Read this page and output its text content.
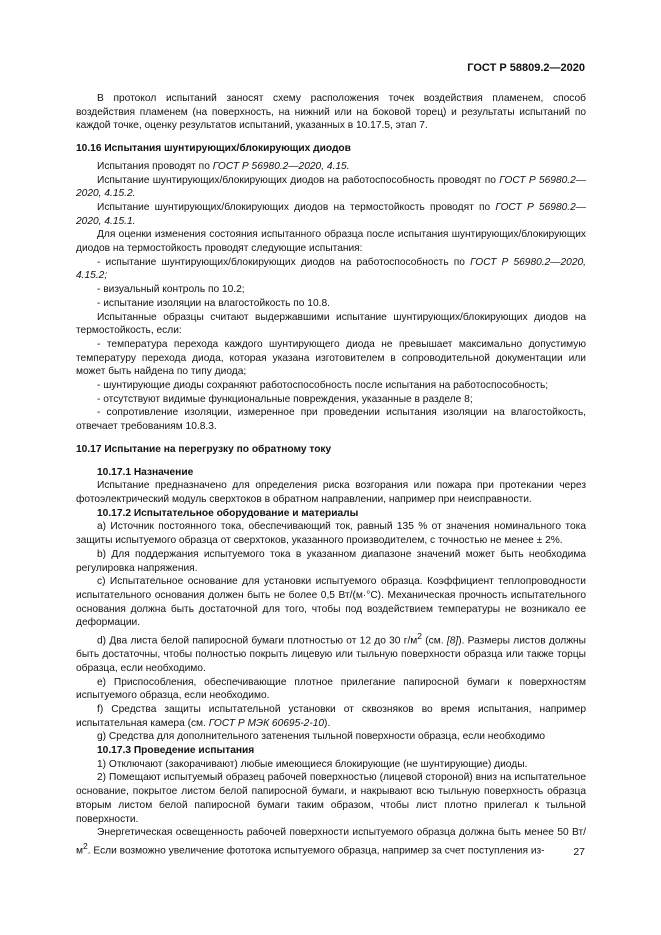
ГОСТ Р 58809.2—2020

В протокол испытаний заносят схему расположения точек воздействия пламенем, способ воздействия пламенем (на поверхность, на нижний или на боковой торец) и результаты испытаний по каждой точке, оценку результатов испытаний, указанных в 10.17.5, этап 7.

10.16 Испытания шунтирующих/блокирующих диодов

Испытания проводят по ГОСТ Р 56980.2—2020, 4.15.

Испытание шунтирующих/блокирующих диодов на работоспособность проводят по ГОСТ Р 56980.2—2020, 4.15.2.

Испытание шунтирующих/блокирующих диодов на термостойкость проводят по ГОСТ Р 56980.2—2020, 4.15.1.

Для оценки изменения состояния испытанного образца после испытания шунтирующих/блокирующих диодов на термостойкость проводят следующие испытания:

- испытание шунтирующих/блокирующих диодов на работоспособность по ГОСТ Р 56980.2—2020, 4.15.2;

- визуальный контроль по 10.2;

- испытание изоляции на влагостойкость по 10.8.

Испытанные образцы считают выдержавшими испытание шунтирующих/блокирующих диодов на термостойкость, если:

- температура перехода каждого шунтирующего диода не превышает максимально допустимую температуру перехода диода, которая указана изготовителем в сопроводительной документации или может быть найдена по типу диода;

- шунтирующие диоды сохраняют работоспособность после испытания на работоспособность;

- отсутствуют видимые функциональные повреждения, указанные в разделе 8;

- сопротивление изоляции, измеренное при проведении испытания изоляции на влагостойкость, отвечает требованиям 10.8.3.

10.17 Испытание на перегрузку по обратному току

10.17.1 Назначение

Испытание предназначено для определения риска возгорания или пожара при протекании через фотоэлектрический модуль сверхтоков в обратном направлении, например при неисправности.

10.17.2 Испытательное оборудование и материалы

a) Источник постоянного тока, обеспечивающий ток, равный 135 % от значения номинального тока защиты испытуемого образца от сверхтоков, указанного производителем, с точностью не менее ± 2%.

b) Для поддержания испытуемого тока в указанном диапазоне значений может быть необходима регулировка напряжения.

c) Испытательное основание для установки испытуемого образца. Коэффициент теплопроводности испытательного основания должен быть не более 0,5 Вт/(м·°С). Механическая прочность испытательного основания должна быть достаточной для того, чтобы под воздействием температуры не возникало ее деформации.

d) Два листа белой папиросной бумаги плотностью от 12 до 30 $г/м^2$ (см. [8]). Размеры листов должны быть достаточны, чтобы полностью покрыть лицевую или тыльную поверхности образца или также торцы образца, если необходимо.

e) Приспособления, обеспечивающие плотное прилегание папиросной бумаги к поверхностям испытуемого образца, если необходимо.

f) Средства защиты испытательной установки от сквозняков во время испытания, например испытательная камера (см. ГОСТ Р МЭК 60695-2-10).

g) Средства для дополнительного затенения тыльной поверхности образца, если необходимо

10.17.3 Проведение испытания

1) Отключают (закорачивают) любые имеющиеся блокирующие (не шунтирующие) диоды.

2) Помещают испытуемый образец рабочей поверхностью (лицевой стороной) вниз на испытательное основание, покрытое листом белой папиросной бумаги, и накрывают всю тыльную поверхность образца вторым листом белой папиросной бумаги таким образом, чтобы лист плотно прилегал к тыльной поверхности.

Энергетическая освещенность рабочей поверхности испытуемого образца должна быть менее 50 $Вт/м^2$. Если возможно увеличение фототока испытуемого образца, например за счет поступления из-	27
